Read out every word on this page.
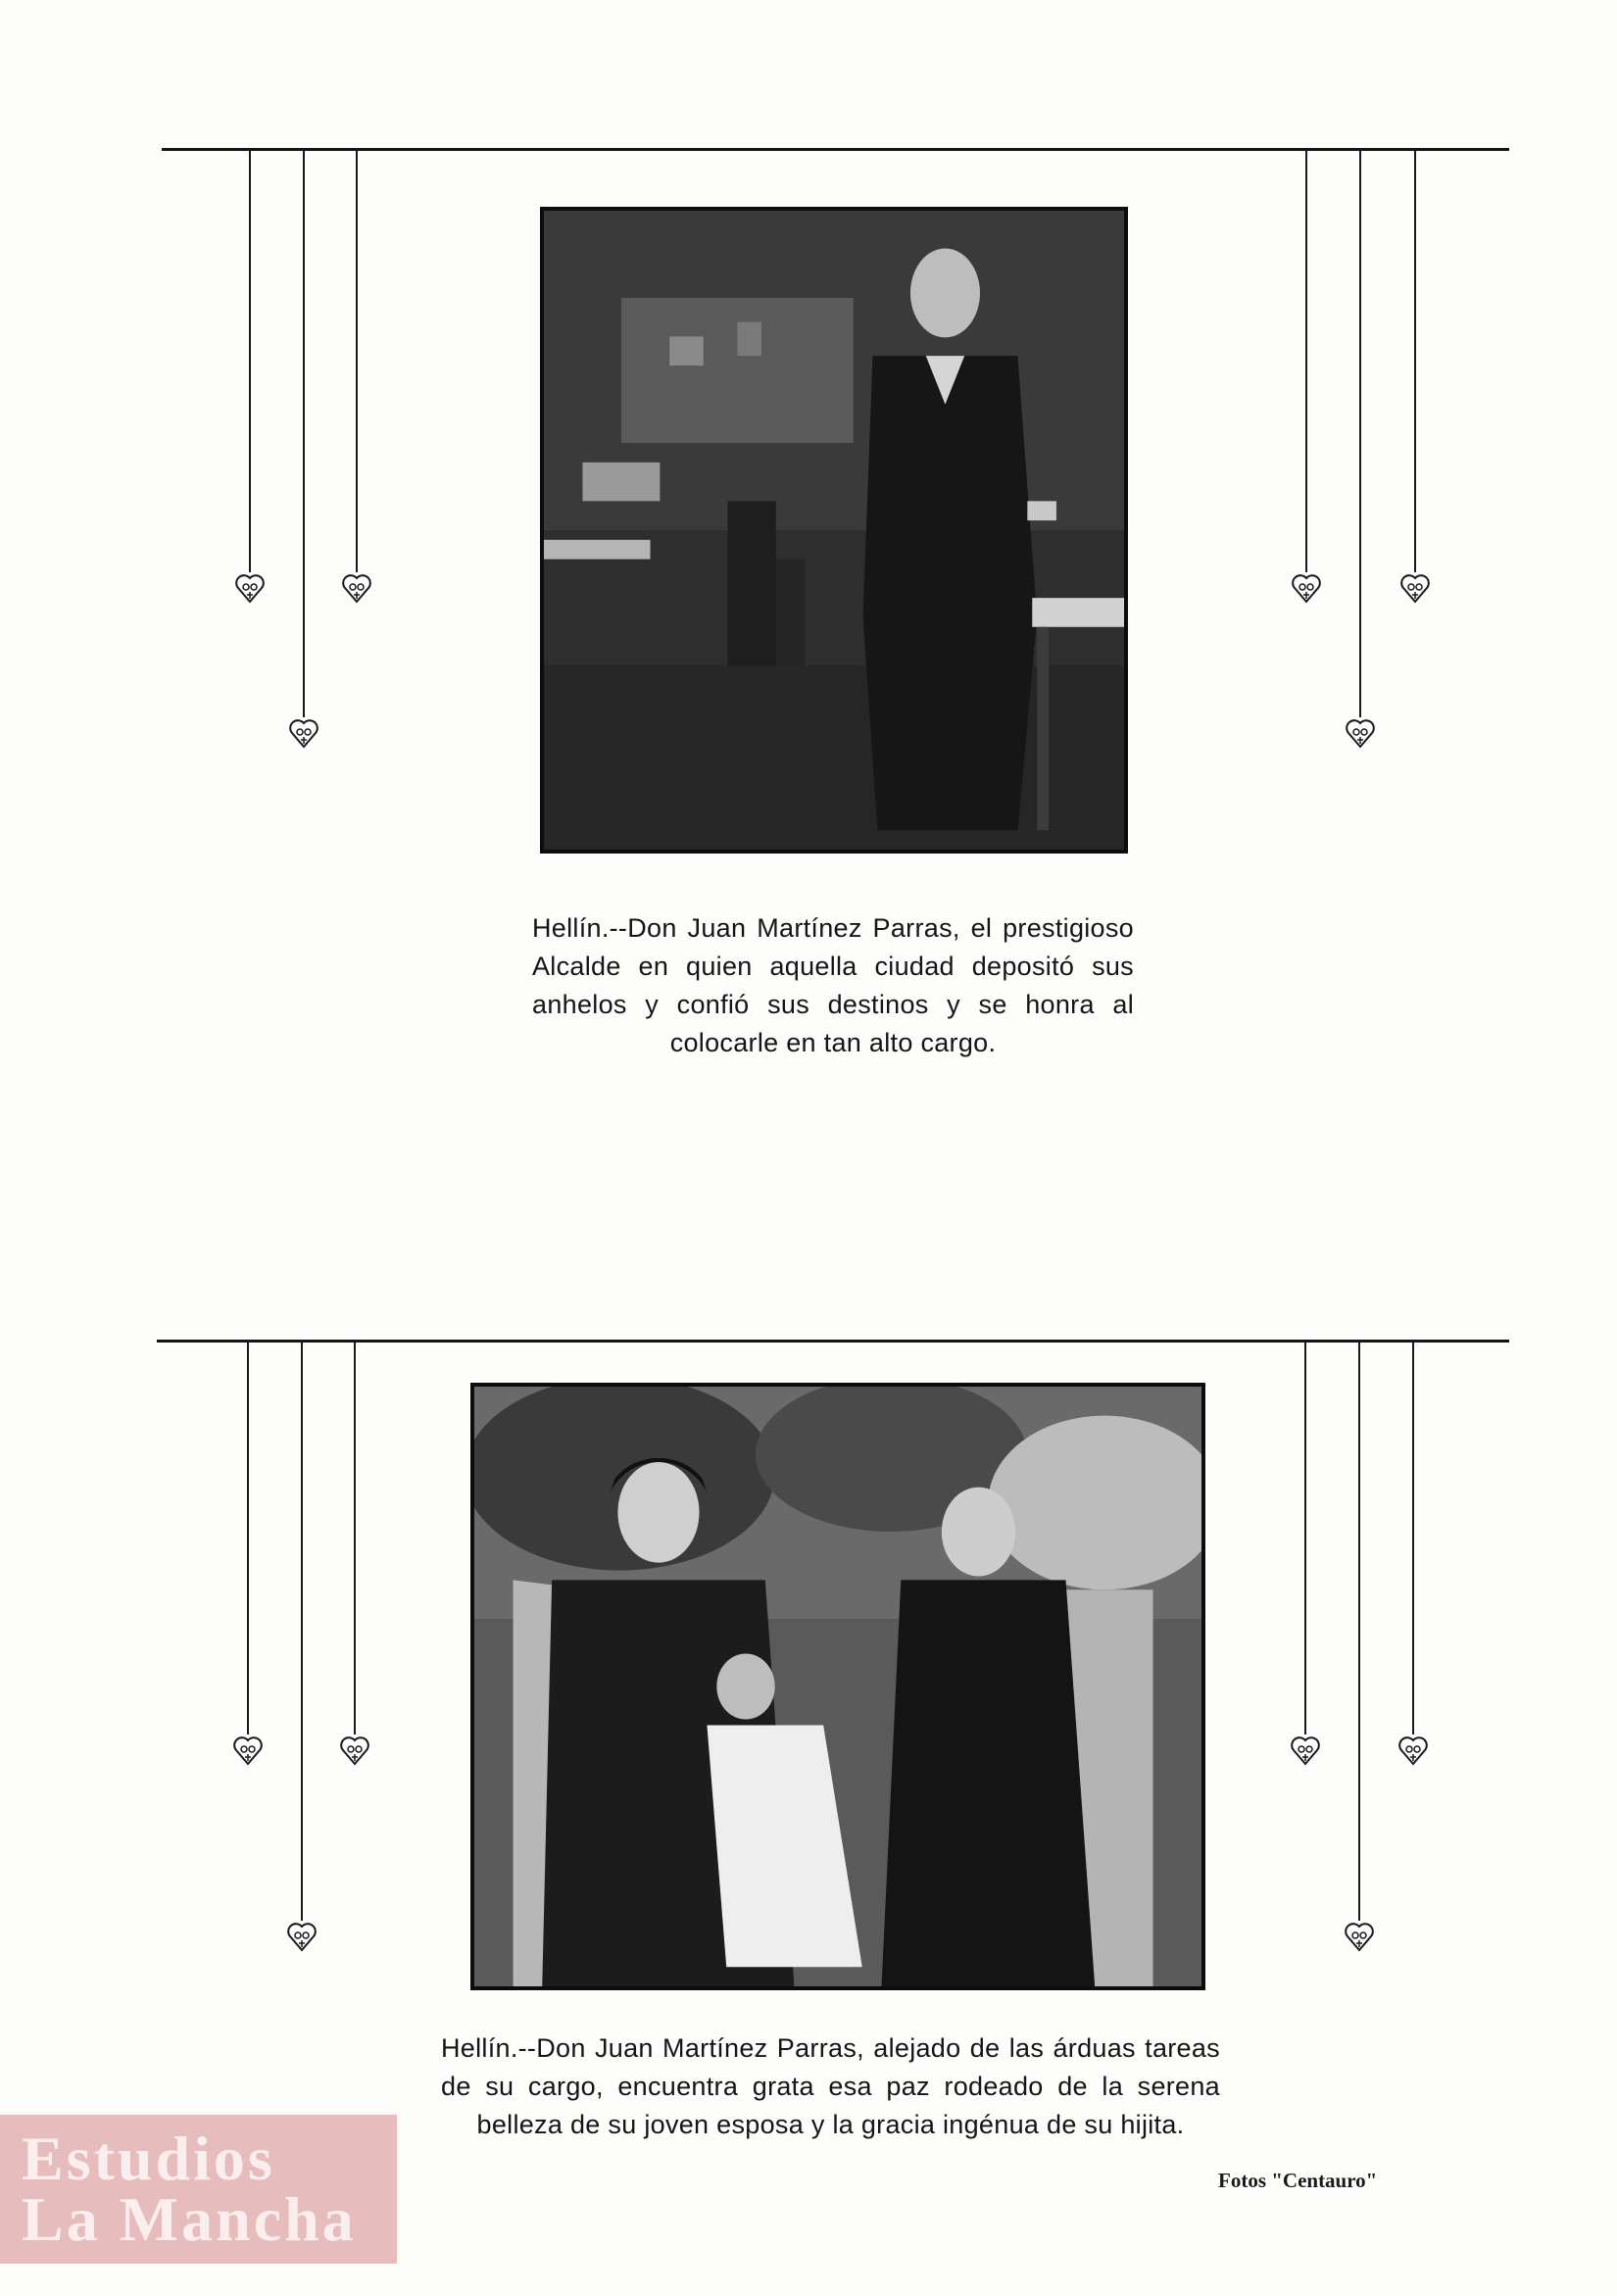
Hellín.--Don Juan Martínez Parras, el prestigioso Alcalde en quien aquella ciudad depositó sus anhelos y confió sus destinos y se honra al colocarle en tan alto cargo.

Hellín.--Don Juan Martínez Parras, alejado de las árduas tareas de su cargo, encuentra grata esa paz rodeado de la serena belleza de su joven esposa y la gracia ingénua de su hijita.

Fotos "Centauro"
Estudios
La Mancha
